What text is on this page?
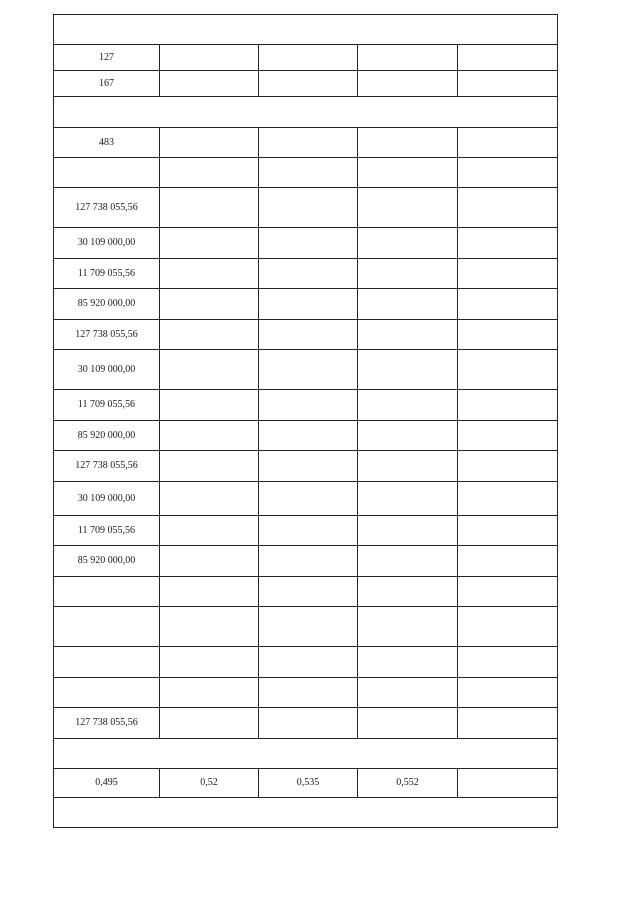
127				
167				

483				

127 738 055,56				
30 109 000,00				
11 709 055,56				
85 920 000,00				
127 738 055,56				
30 109 000,00				
11 709 055,56				
85 920 000,00				
127 738 055,56				
30 109 000,00				
11 709 055,56				
85 920 000,00				

127 738 055,56				

0,495	0,52	0,535	0,552	
